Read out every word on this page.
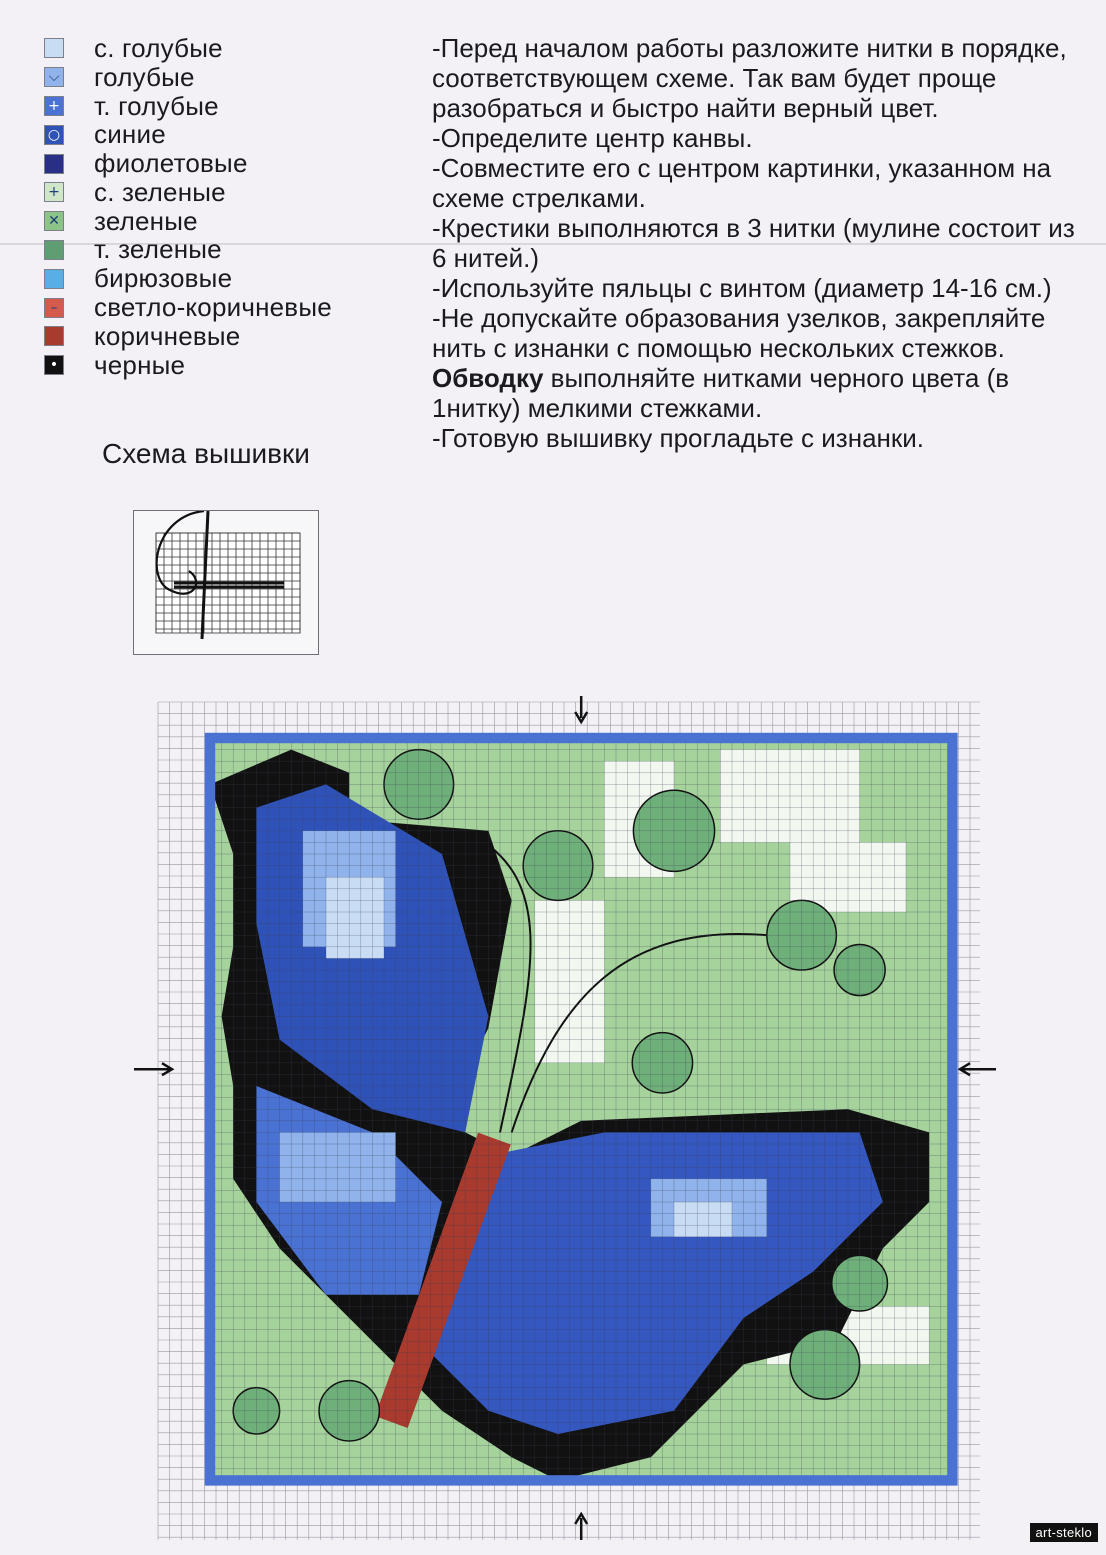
с. голубые
⌵ голубые
+ т. голубые
○ синие
фиолетовые
+ с. зеленые
✕ зеленые
т. зеленые
бирюзовые
– светло-коричневые
коричневые
• черные

-Перед началом работы разложите нитки в порядке, соответствующем схеме. Так вам будет проще разобраться и быстро найти верный цвет.

-Определите центр канвы.

-Совместите его с центром картинки, указанном на схеме стрелками.

-Крестики выполняются в 3 нитки (мулине состоит из 6 нитей.)

-Используйте пяльцы с винтом (диаметр 14-16 см.)

-Не допускайте образования узелков, закрепляйте нить с изнанки с помощью нескольких стежков. Обводку выполняйте нитками черного цвета (в 1нитку) мелкими стежками.

-Готовую вышивку прогладьте с изнанки.

Схема вышивки
art-steklo
